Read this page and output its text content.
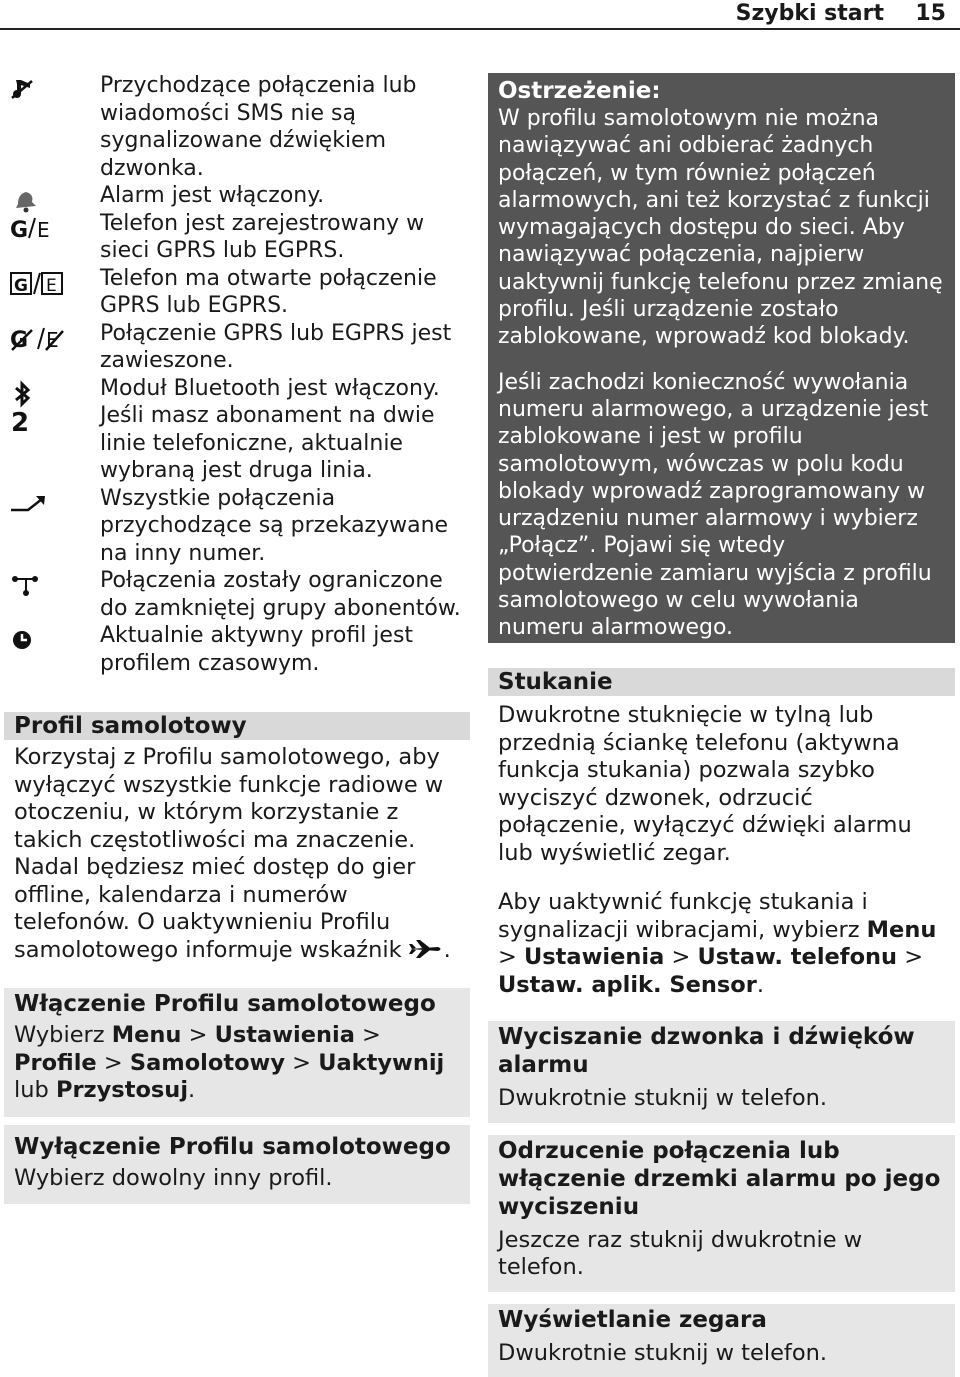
Szybki start 15
Przychodzące połączenia lub wiadomości SMS nie są sygnalizowane dźwiękiem dzwonka.
Alarm jest włączony.
G E Telefon jest zarejestrowany w sieci GPRS lub EGPRS.
G E Telefon ma otwarte połączenie GPRS lub EGPRS.
G E Połączenie GPRS lub EGPRS jest zawieszone.
Moduł Bluetooth jest włączony.
2	Jeśli masz abonament na dwie linie telefoniczne, aktualnie wybraną jest druga linia.
Wszystkie połączenia przychodzące są przekazywane na inny numer.
Połączenia zostały ograniczone do zamkniętej grupy abonentów.
Aktualnie aktywny profil jest profilem czasowym.
Profil samolotowy
Korzystaj z Profilu samolotowego, aby wyłączyć wszystkie funkcje radiowe w otoczeniu, w którym korzystanie z takich częstotliwości ma znaczenie. Nadal będziesz mieć dostęp do gier offline, kalendarza i numerów telefonów. O uaktywnieniu Profilu samolotowego informuje wskaźnik .
Włączenie Profilu samolotowego
Wybierz Menu > Ustawienia > Profile > Samolotowy > Uaktywnij lub Przystosuj.
Wyłączenie Profilu samolotowego
Wybierz dowolny inny profil.
Ostrzeżenie:
W profilu samolotowym nie można nawiązywać ani odbierać żadnych połączeń, w tym również połączeń alarmowych, ani też korzystać z funkcji wymagających dostępu do sieci. Aby nawiązywać połączenia, najpierw uaktywnij funkcję telefonu przez zmianę profilu. Jeśli urządzenie zostało zablokowane, wprowadź kod blokady.
Jeśli zachodzi konieczność wywołania numeru alarmowego, a urządzenie jest zablokowane i jest w profilu samolotowym, wówczas w polu kodu blokady wprowadź zaprogramowany w urządzeniu numer alarmowy i wybierz „Połącz”. Pojawi się wtedy potwierdzenie zamiaru wyjścia z profilu samolotowego w celu wywołania numeru alarmowego.
Stukanie
Dwukrotne stuknięcie w tylną lub przednią ściankę telefonu (aktywna funkcja stukania) pozwala szybko wyciszyć dzwonek, odrzucić połączenie, wyłączyć dźwięki alarmu lub wyświetlić zegar.
Aby uaktywnić funkcję stukania i sygnalizacji wibracjami, wybierz Menu > Ustawienia > Ustaw. telefonu > Ustaw. aplik. Sensor.
Wyciszanie dzwonka i dźwięków alarmu
Dwukrotnie stuknij w telefon.
Odrzucenie połączenia lub włączenie drzemki alarmu po jego wyciszeniu
Jeszcze raz stuknij dwukrotnie w telefon.
Wyświetlanie zegara
Dwukrotnie stuknij w telefon.
